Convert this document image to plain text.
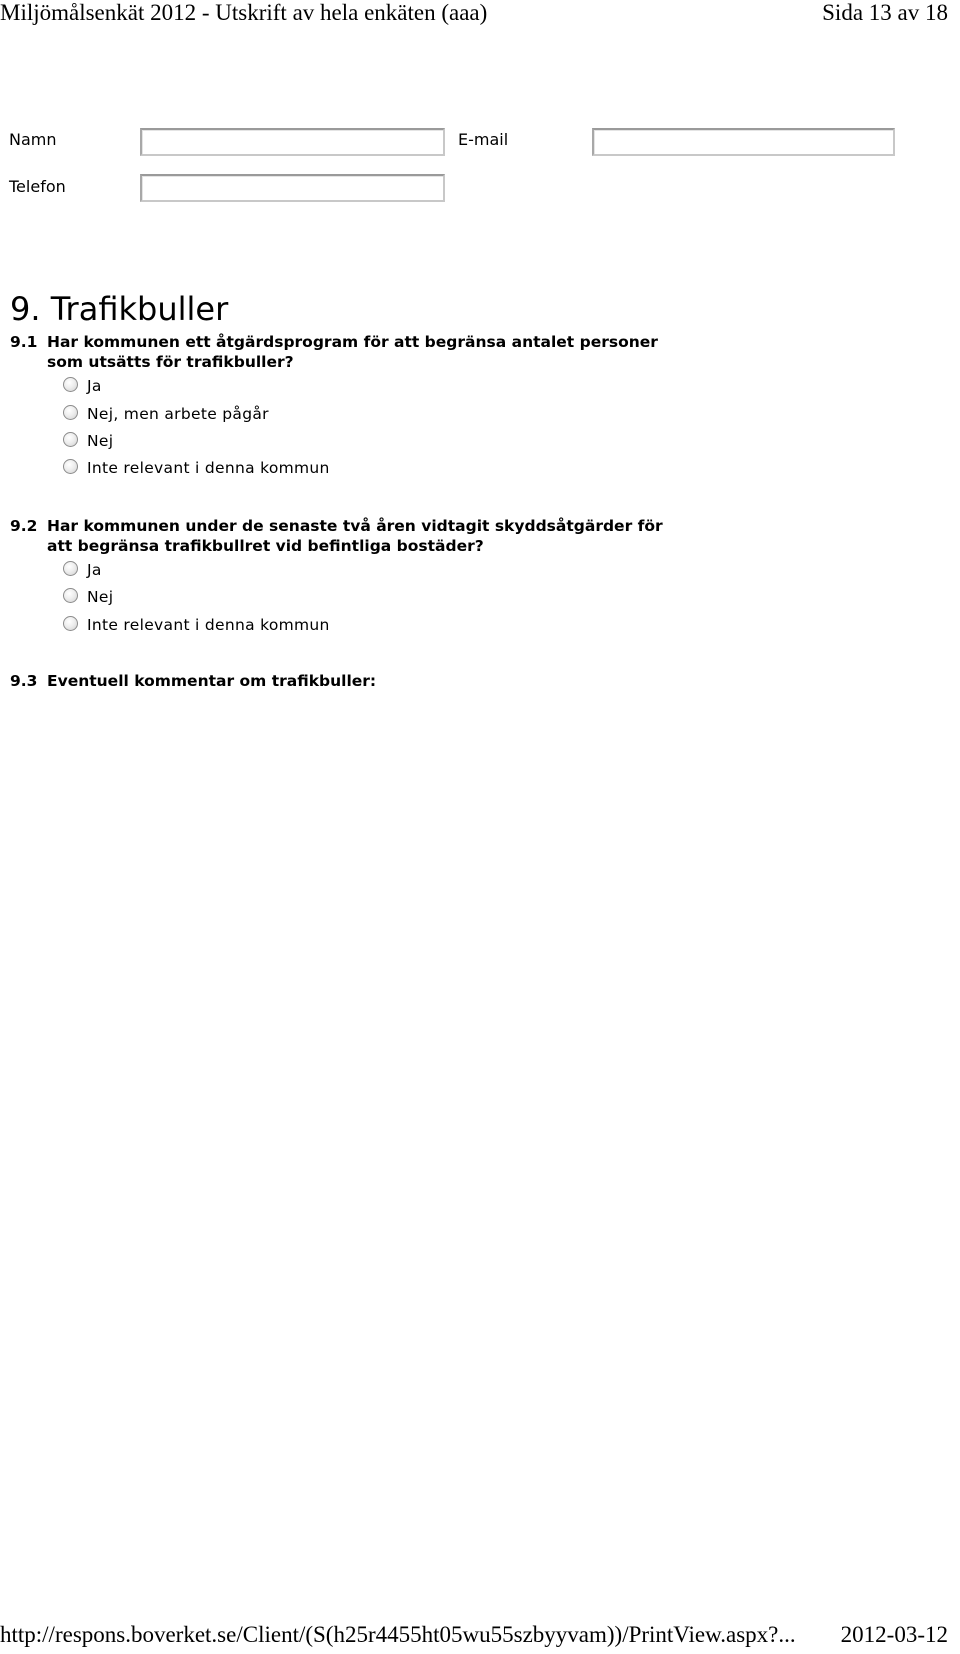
Miljömålsenkät 2012 - Utskrift av hela enkäten (aaa)	Sida 13 av 18
Namn	E-mail
Telefon
9. Trafikbuller
9.1 Har kommunen ett åtgärdsprogram för att begränsa antalet personer
som utsätts för trafikbuller?
Ja
Nej, men arbete pågår
Nej
Inte relevant i denna kommun
9.2 Har kommunen under de senaste två åren vidtagit skyddsåtgärder för
att begränsa trafikbullret vid befintliga bostäder?
Ja
Nej
Inte relevant i denna kommun
9.3 Eventuell kommentar om trafikbuller:
http://respons.boverket.se/Client/(S(h25r4455ht05wu55szbyyvam))/PrintView.aspx?... 2012-03-12
